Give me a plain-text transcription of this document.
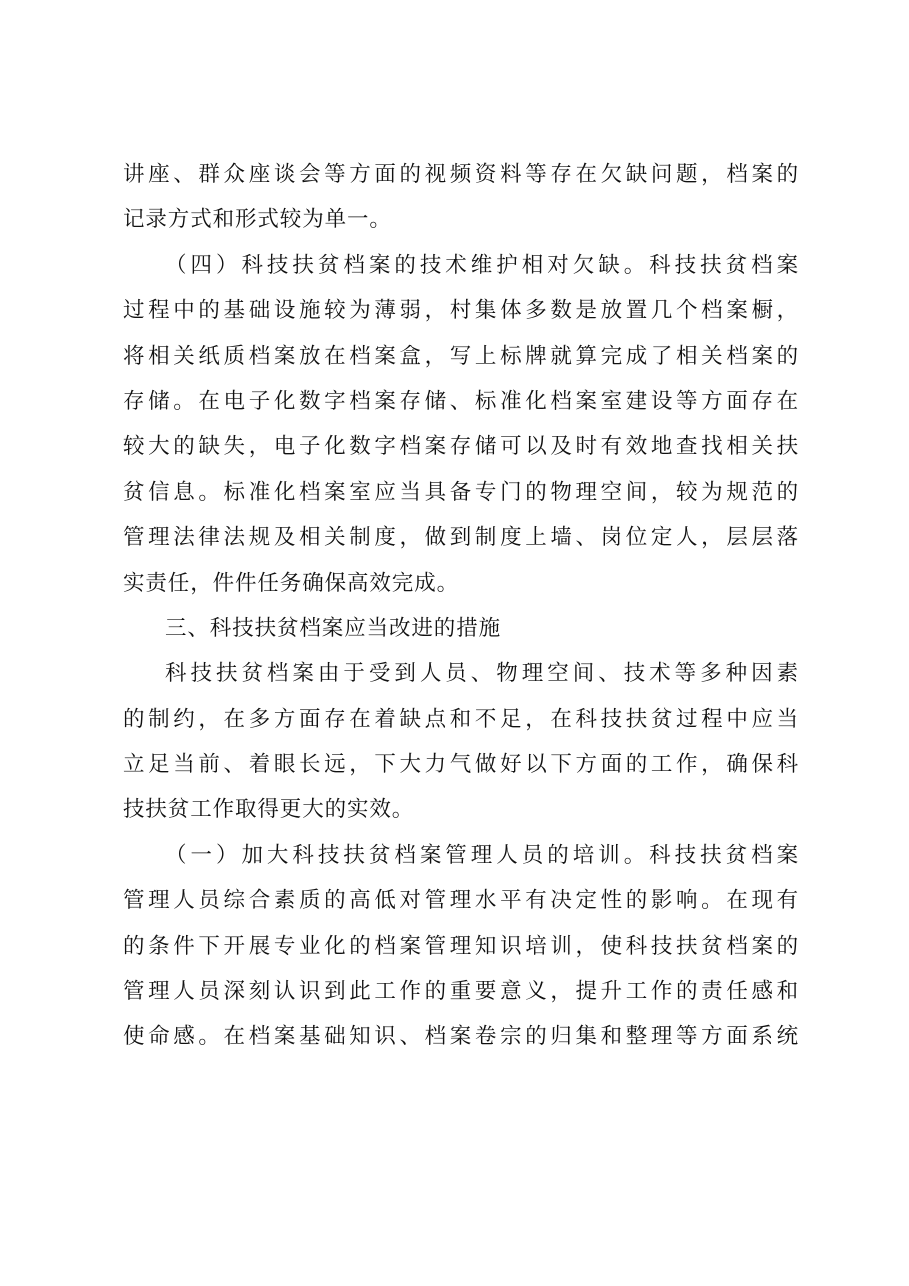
讲座、群众座谈会等方面的视频资料等存在欠缺问题，档案的
记录方式和形式较为单一。
（四）科技扶贫档案的技术维护相对欠缺。科技扶贫档案
过程中的基础设施较为薄弱，村集体多数是放置几个档案橱，
将相关纸质档案放在档案盒，写上标牌就算完成了相关档案的
存储。在电子化数字档案存储、标准化档案室建设等方面存在
较大的缺失，电子化数字档案存储可以及时有效地查找相关扶
贫信息。标准化档案室应当具备专门的物理空间，较为规范的
管理法律法规及相关制度，做到制度上墙、岗位定人，层层落
实责任，件件任务确保高效完成。
三、科技扶贫档案应当改进的措施
科技扶贫档案由于受到人员、物理空间、技术等多种因素
的制约，在多方面存在着缺点和不足，在科技扶贫过程中应当
立足当前、着眼长远，下大力气做好以下方面的工作，确保科
技扶贫工作取得更大的实效。
（一）加大科技扶贫档案管理人员的培训。科技扶贫档案
管理人员综合素质的高低对管理水平有决定性的影响。在现有
的条件下开展专业化的档案管理知识培训，使科技扶贫档案的
管理人员深刻认识到此工作的重要意义，提升工作的责任感和
使命感。在档案基础知识、档案卷宗的归集和整理等方面系统
